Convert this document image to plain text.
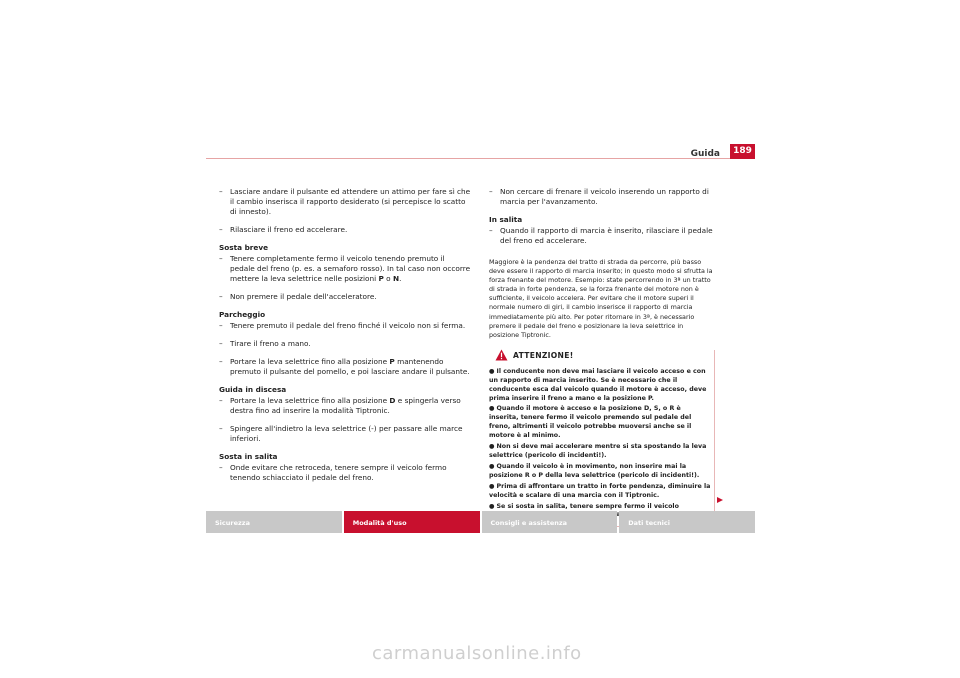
Guida	189
– Lasciare andare il pulsante ed attendere un attimo per fare sì che il cambio inserisca il rapporto desiderato (si percepisce lo scatto di innesto).
– Rilasciare il freno ed accelerare.
Sosta breve
– Tenere completamente fermo il veicolo tenendo premuto il pedale del freno (p. es. a semaforo rosso). In tal caso non occorre mettere la leva selettrice nelle posizioni P o N.
– Non premere il pedale dell'acceleratore.
Parcheggio
– Tenere premuto il pedale del freno finché il veicolo non si ferma.
– Tirare il freno a mano.
– Portare la leva selettrice fino alla posizione P mantenendo premuto il pulsante del pomello, e poi lasciare andare il pulsante.
Guida in discesa
– Portare la leva selettrice fino alla posizione D e spingerla verso destra fino ad inserire la modalità Tiptronic.
– Spingere all'indietro la leva selettrice (-) per passare alle marce inferiori.
Sosta in salita
– Onde evitare che retroceda, tenere sempre il veicolo fermo tenendo schiacciato il pedale del freno.
– Non cercare di frenare il veicolo inserendo un rapporto di marcia per l'avanzamento.
In salita
– Quando il rapporto di marcia è inserito, rilasciare il pedale del freno ed accelerare.

Maggiore è la pendenza del tratto di strada da percorre, più basso deve essere il rapporto di marcia inserito; in questo modo si sfrutta la forza frenante del motore. Esempio: state percorrendo in 3ª un tratto di strada in forte pendenza, se la forza frenante del motore non è sufficiente, il veicolo accelera. Per evitare che il motore superi il normale numero di giri, il cambio inserisce il rapporto di marcia immediatamente più alto. Per poter ritornare in 3ª, è necessario premere il pedale del freno e posizionare la leva selettrice in posizione Tiptronic.

ATTENZIONE!

● Il conducente non deve mai lasciare il veicolo acceso e con un rapporto di marcia inserito. Se è necessario che il conducente esca dal veicolo quando il motore è acceso, deve prima inserire il freno a mano e la posizione P.

● Quando il motore è acceso e la posizione D, S, o R è inserita, tenere fermo il veicolo premendo sul pedale del freno, altrimenti il veicolo potrebbe muoversi anche se il motore è al minimo.

● Non si deve mai accelerare mentre si sta spostando la leva selettrice (pericolo di incidenti!).

● Quando il veicolo è in movimento, non inserire mai la posizione R o P della leva selettrice (pericolo di incidenti!).

● Prima di affrontare un tratto in forte pendenza, diminuire la velocità e scalare di una marcia con il Tiptronic.

● Se si sosta in salita, tenere sempre fermo il veicolo

Sicurezza	Modalità d'uso	Consigli e assistenza	Dati tecnici
carmanualsonline.info
